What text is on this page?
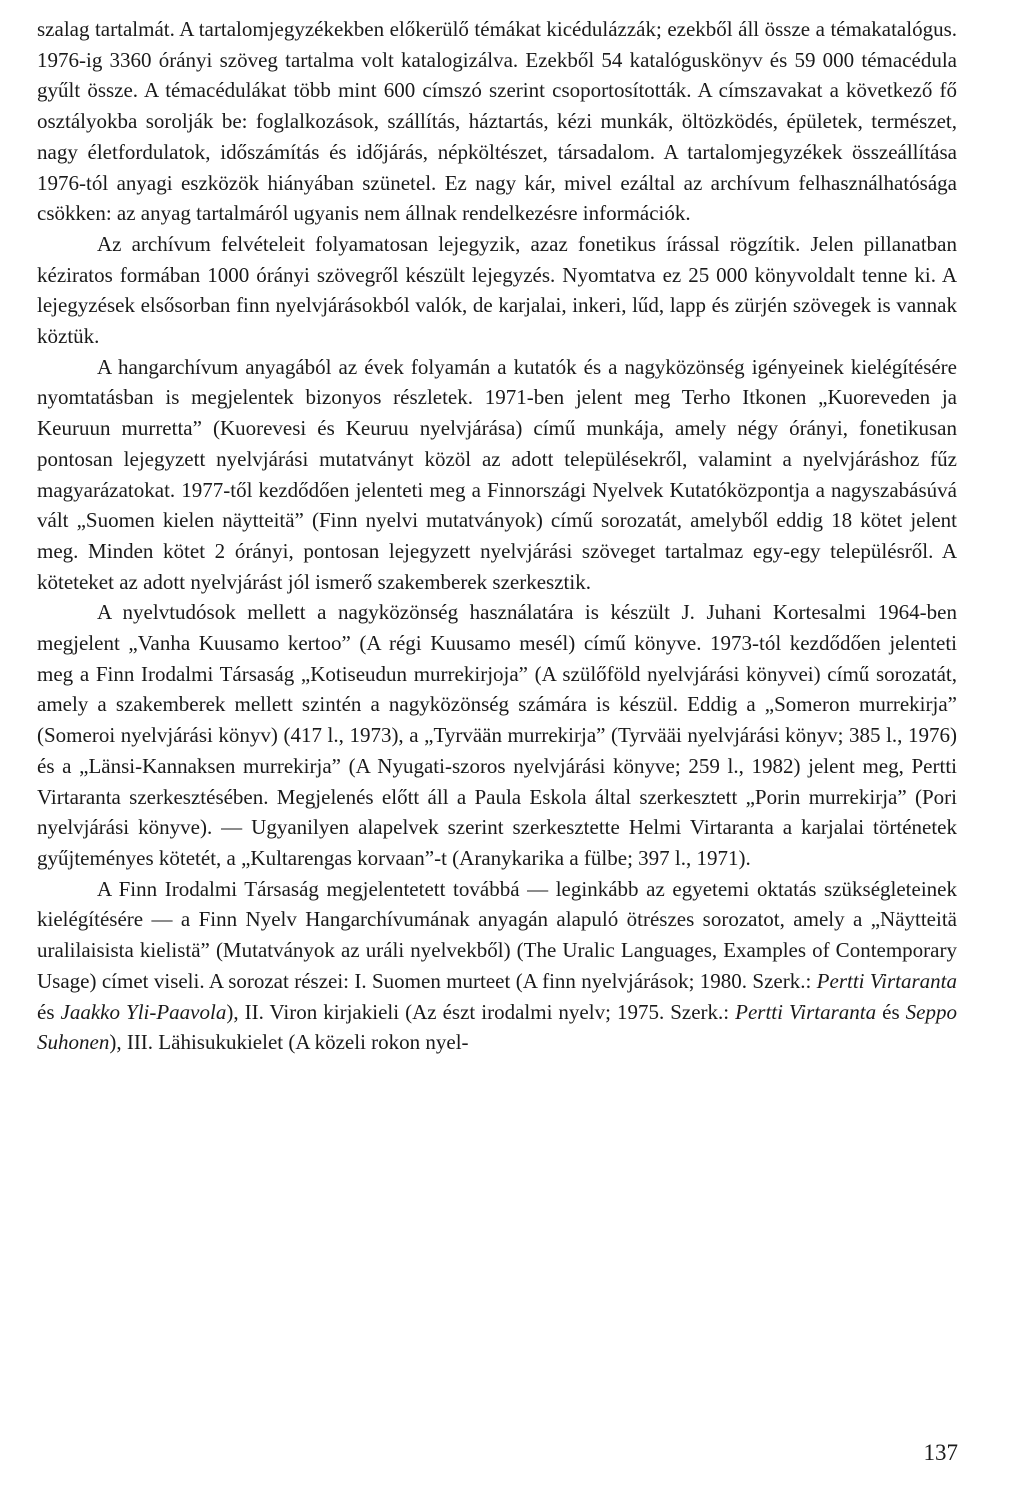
szalag tartalmát. A tartalomjegyzékekben előkerülő témákat kicédulázzák; ezekből áll össze a témakatalógus. 1976-ig 3360 órányi szöveg tartalma volt katalogizálva. Ezekből 54 katalóguskönyv és 59 000 témacédula gyűlt össze. A témacédulákat több mint 600 címszó szerint csoportosították. A címszavakat a következő fő osztályokba sorolják be: foglalkozások, szállítás, háztartás, kézi munkák, öltözködés, épületek, természet, nagy életfordulatok, időszámítás és időjárás, népköltészet, társadalom. A tartalomjegyzékek összeállítása 1976-tól anyagi eszközök hiányában szünetel. Ez nagy kár, mivel ezáltal az archívum felhasználhatósága csökken: az anyag tartalmáról ugyanis nem állnak rendelkezésre információk.

Az archívum felvételeit folyamatosan lejegyzik, azaz fonetikus írással rögzítik. Jelen pillanatban kéziratos formában 1000 órányi szövegről készült lejegyzés. Nyomtatva ez 25 000 könyvoldalt tenne ki. A lejegyzések elsősorban finn nyelvjárásokból valók, de karjalai, inkeri, lűd, lapp és zürjén szövegek is vannak köztük.

A hangarchívum anyagából az évek folyamán a kutatók és a nagyközönség igényeinek kielégítésére nyomtatásban is megjelentek bizonyos részletek. 1971-ben jelent meg Terho Itkonen „Kuoreveden ja Keuruun murretta” (Kuorevesi és Keuruu nyelvjárása) című munkája, amely négy órányi, fonetikusan pontosan lejegyzett nyelvjárási mutatványt közöl az adott településekről, valamint a nyelvjáráshoz fűz magyarázatokat. 1977-től kezdődően jelenteti meg a Finnországi Nyelvek Kutatóközpontja a nagyszabásúvá vált „Suomen kielen näytteitä” (Finn nyelvi mutatványok) című sorozatát, amelyből eddig 18 kötet jelent meg. Minden kötet 2 órányi, pontosan lejegyzett nyelvjárási szöveget tartalmaz egy-egy településről. A köteteket az adott nyelvjárást jól ismerő szakemberek szerkesztik.

A nyelvtudósok mellett a nagyközönség használatára is készült J. Juhani Kortesalmi 1964-ben megjelent „Vanha Kuusamo kertoo” (A régi Kuusamo mesél) című könyve. 1973-tól kezdődően jelenteti meg a Finn Irodalmi Társaság „Kotiseudun murrekirjoja” (A szülőföld nyelvjárási könyvei) című sorozatát, amely a szakemberek mellett szintén a nagyközönség számára is készül. Eddig a „Someron murrekirja” (Someroi nyelvjárási könyv) (417 l., 1973), a „Tyrvään murrekirja” (Tyrvääi nyelvjárási könyv; 385 l., 1976) és a „Länsi-Kannaksen murrekirja” (A Nyugati-szoros nyelvjárási könyve; 259 l., 1982) jelent meg, Pertti Virtaranta szerkesztésében. Megjelenés előtt áll a Paula Eskola által szerkesztett „Porin murrekirja” (Pori nyelvjárási könyve). — Ugyanilyen alapelvek szerint szerkesztette Helmi Virtaranta a karjalai történetek gyűjteményes kötetét, a „Kultarengas korvaan”-t (Aranykarika a fülbe; 397 l., 1971).

A Finn Irodalmi Társaság megjelentetett továbbá — leginkább az egyetemi oktatás szükségleteinek kielégítésére — a Finn Nyelv Hangarchívumának anyagán alapuló ötrészes sorozatot, amely a „Näytteitä uralilaisista kielistä” (Mutatványok az uráli nyelvekből) (The Uralic Languages, Examples of Contemporary Usage) címet viseli. A sorozat részei: I. Suomen murteet (A finn nyelvjárások; 1980. Szerk.: Pertti Virtaranta és Jaakko Yli-Paavola), II. Viron kirjakieli (Az észt irodalmi nyelv; 1975. Szerk.: Pertti Virtaranta és Seppo Suhonen), III. Lähisukukielet (A közeli rokon nyel-

137
